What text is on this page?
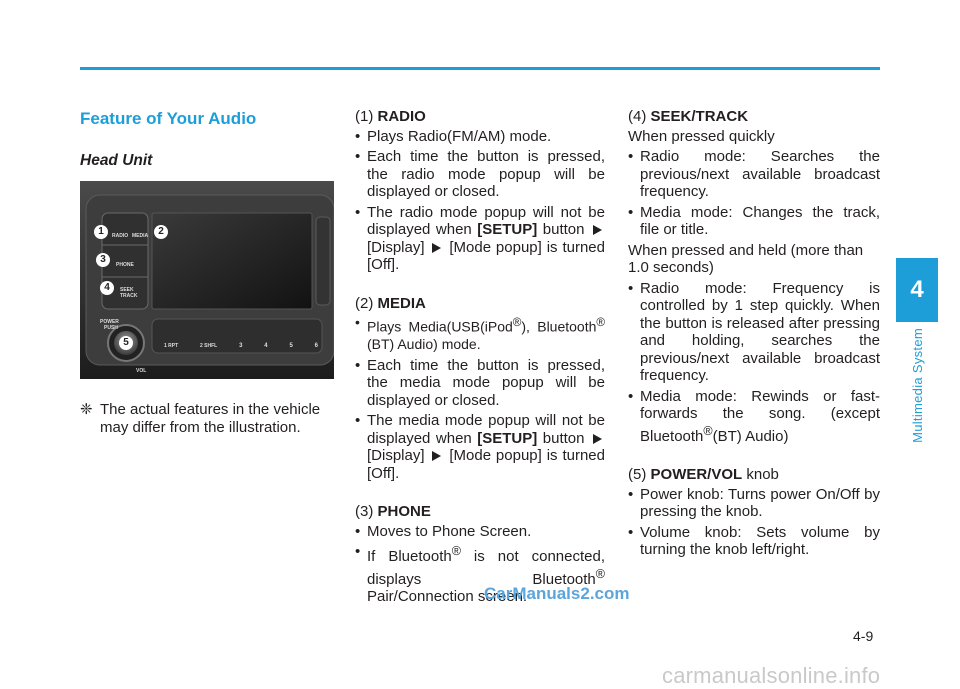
4
Multimedia System
Feature of Your Audio
Head Unit
RADIO MEDIA
PHONE
SEEK
TRACK
POWER
PUSH
VOL
1 RPT	2 SHFL	3	4	5	6
1	2
3
4
5
❈ The actual features in the vehicle may differ from the illustration.
(1) RADIO
• Plays Radio(FM/AM) mode.
• Each time the button is pressed, the radio mode popup will be displayed or closed.
• The radio mode popup will not be displayed when [SETUP] button  [Display]  [Mode popup] is turned [Off].
(2) MEDIA
• Plays Media(USB(iPod®), Bluetooth® (BT) Audio) mode.
• Each time the button is pressed, the media mode popup will be displayed or closed.
• The media mode popup will not be displayed when [SETUP] button  [Display]  [Mode popup] is turned [Off].
(3) PHONE
• Moves to Phone Screen.
• If Bluetooth® is not connected, displays Bluetooth® Pair/Connection screen.
(4) SEEK/TRACK
When pressed quickly
• Radio mode: Searches the previous/next available broadcast frequency.
• Media mode: Changes the track, file or title.
When pressed and held (more than 1.0 seconds)
• Radio mode: Frequency is controlled by 1 step quickly. When the button is released after pressing and holding, searches the previous/next available broadcast frequency.
• Media mode: Rewinds or fast-forwards the song. (except Bluetooth®(BT) Audio)
(5) POWER/VOL knob
• Power knob: Turns power On/Off by pressing the knob.
• Volume knob: Sets volume by turning the knob left/right.
CarManuals2.com
4-9
carmanualsonline.info
